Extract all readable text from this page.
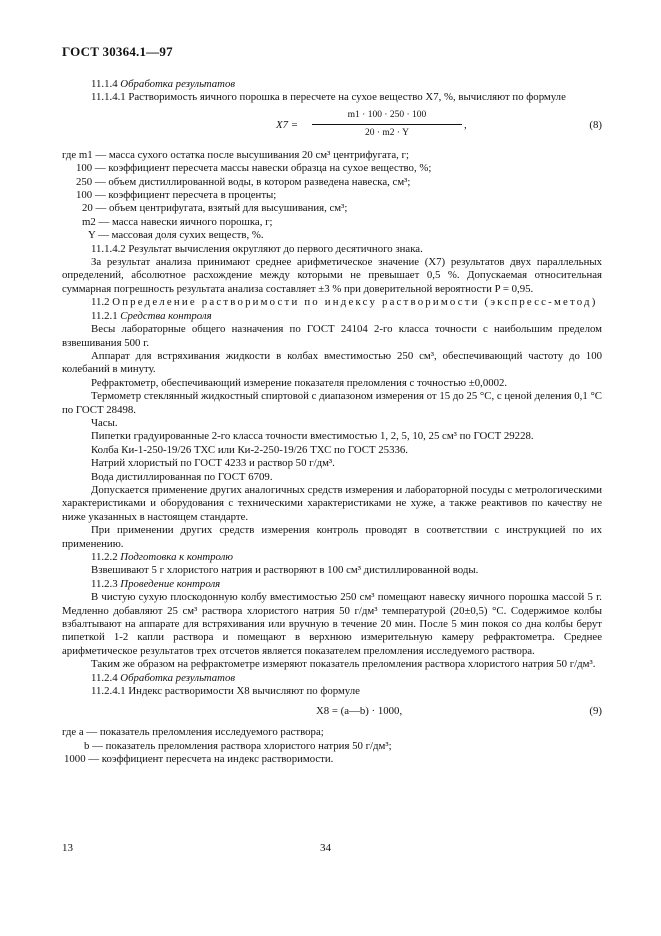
ГОСТ 30364.1—97

11.1.4 Обработка результатов

11.1.4.1 Растворимость яичного порошка в пересчете на сухое вещество X7, %, вычисляют по формуле

$X7 = \frac{m1 \cdot 100 \cdot 250 \cdot 100}{20 \cdot m2 \cdot Y}$ ,	(8)

где m1 — масса сухого остатка после высушивания 20 см³ центрифугата, г;

100 — коэффициент пересчета массы навески образца на сухое вещество, %;

250 — объем дистиллированной воды, в котором разведена навеска, см³;

100 — коэффициент пересчета в проценты;

20 — объем центрифугата, взятый для высушивания, см³;

m2 — масса навески яичного порошка, г;

Y — массовая доля сухих веществ, %.

11.1.4.2 Результат вычисления округляют до первого десятичного знака.

За результат анализа принимают среднее арифметическое значение (X7) результатов двух параллельных определений, абсолютное расхождение между которыми не превышает 0,5 %. Допускаемая относительная суммарная погрешность результата анализа составляет ±3 % при доверительной вероятности P = 0,95.

11.2 Определение растворимости по индексу растворимости (экспресс-метод)

11.2.1 Средства контроля

Весы лабораторные общего назначения по ГОСТ 24104 2-го класса точности с наибольшим пределом взвешивания 500 г.

Аппарат для встряхивания жидкости в колбах вместимостью 250 см³, обеспечивающий частоту до 100 колебаний в минуту.

Рефрактометр, обеспечивающий измерение показателя преломления с точностью ±0,0002.

Термометр стеклянный жидкостный спиртовой с диапазоном измерения от 15 до 25 °С, с ценой деления 0,1 °С по ГОСТ 28498.

Часы.

Пипетки градуированные 2-го класса точности вместимостью 1, 2, 5, 10, 25 см³ по ГОСТ 29228.

Колба Ки-1-250-19/26 ТХС или Ки-2-250-19/26 ТХС по ГОСТ 25336.

Натрий хлористый по ГОСТ 4233 и раствор 50 г/дм³.

Вода дистиллированная по ГОСТ 6709.

Допускается применение других аналогичных средств измерения и лабораторной посуды с метрологическими характеристиками и оборудования с техническими характеристиками не хуже, а также реактивов по качеству не ниже указанных в настоящем стандарте.

При применении других средств измерения контроль проводят в соответствии с инструкцией по их применению.

11.2.2 Подготовка к контролю

Взвешивают 5 г хлористого натрия и растворяют в 100 см³ дистиллированной воды.

11.2.3 Проведение контроля

В чистую сухую плоскодонную колбу вместимостью 250 см³ помещают навеску яичного порошка массой 5 г. Медленно добавляют 25 см³ раствора хлористого натрия 50 г/дм³ температурой (20±0,5) °С. Содержимое колбы взбалтывают на аппарате для встряхивания или вручную в течение 20 мин. После 5 мин покоя со дна колбы берут пипеткой 1-2 капли раствора и помещают в верхнюю измерительную камеру рефрактометра. Среднее арифметическое результатов трех отсчетов является показателем преломления исследуемого раствора.

Таким же образом на рефрактометре измеряют показатель преломления раствора хлористого натрия 50 г/дм³.

11.2.4 Обработка результатов

11.2.4.1 Индекс растворимости X8 вычисляют по формуле

X8 = (a—b) · 1000,	(9)

где a — показатель преломления исследуемого раствора;

b — показатель преломления раствора хлористого натрия 50 г/дм³;

1000 — коэффициент пересчета на индекс растворимости.

13	34
